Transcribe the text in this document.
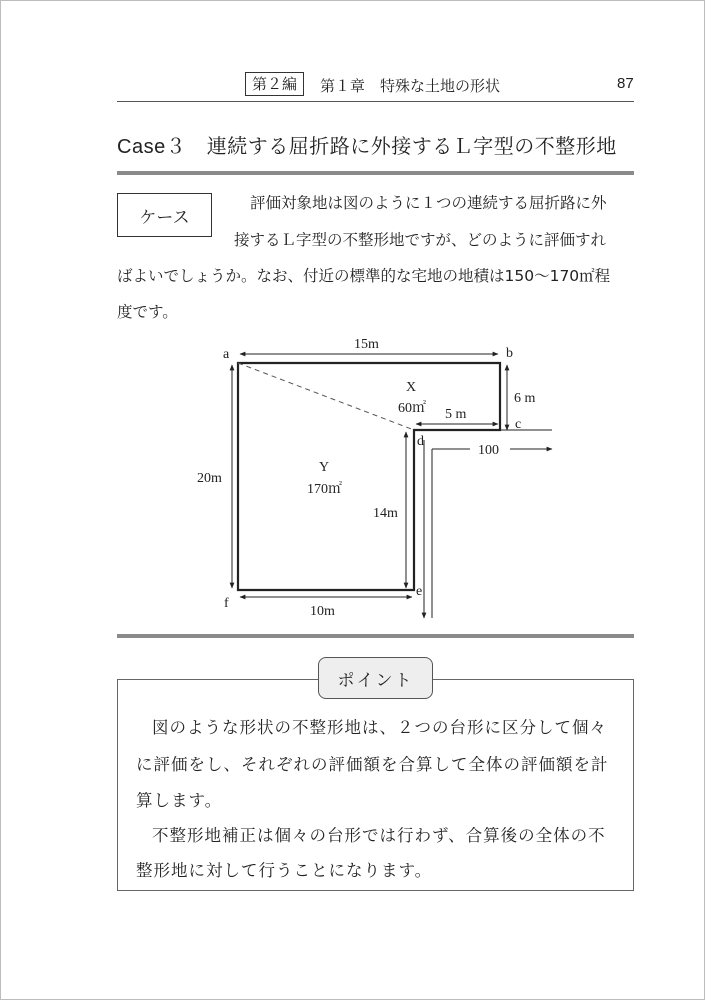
第２編	第１章　特殊な土地の形状	87
Case３　連続する屈折路に外接するＬ字型の不整形地
ケース
評価対象地は図のように１つの連続する屈折路に外
接するＬ字型の不整形地ですが、どのように評価すれ
ばよいでしょうか。なお、付近の標準的な宅地の地積は150〜170㎡程
度です。
a	b
c
d
e
f
15m
6 m
5 m
20m
14m
10m
100
X
60㎡
Y
170㎡
ポイント
図のような形状の不整形地は、２つの台形に区分して個々
に評価をし、それぞれの評価額を合算して全体の評価額を計
算します。
不整形地補正は個々の台形では行わず、合算後の全体の不
整形地に対して行うことになります。
